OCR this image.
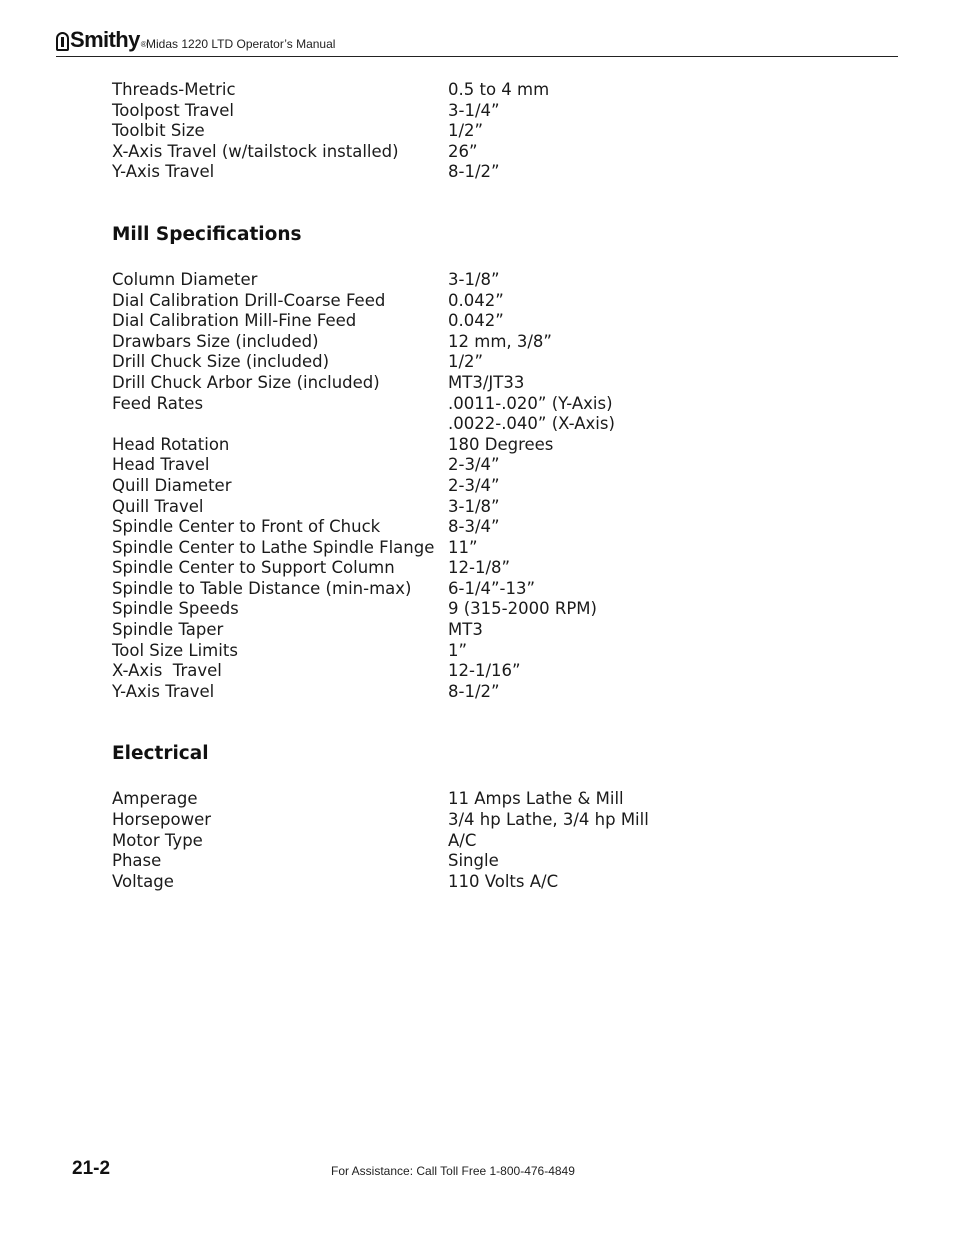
Smithy ® Midas 1220 LTD Operator’s Manual
Threads-Metric	0.5 to 4 mm
Toolpost Travel	3-1/4”
Toolbit Size	1/2”
X-Axis Travel (w/tailstock installed)	26”
Y-Axis Travel	8-1/2”
Mill Specifications
Column Diameter	3-1/8”
Dial Calibration Drill-Coarse Feed	0.042”
Dial Calibration Mill-Fine Feed	0.042”
Drawbars Size (included)	12 mm, 3/8”
Drill Chuck Size (included)	1/2”
Drill Chuck Arbor Size (included)	MT3/JT33
Feed Rates	.0011-.020” (Y-Axis)
.0022-.040” (X-Axis)
Head Rotation	180 Degrees
Head Travel	2-3/4”
Quill Diameter	2-3/4”
Quill Travel	3-1/8”
Spindle Center to Front of Chuck	8-3/4”
Spindle Center to Lathe Spindle Flange 11”
Spindle Center to Support Column	12-1/8”
Spindle to Table Distance (min-max)	6-1/4”-13”
Spindle Speeds	9 (315-2000 RPM)
Spindle Taper	MT3
Tool Size Limits	1”
X-Axis  Travel	12-1/16”
Y-Axis Travel	8-1/2”
Electrical
Amperage	11 Amps Lathe & Mill
Horsepower	3/4 hp Lathe, 3/4 hp Mill
Motor Type	A/C
Phase	Single
Voltage	110 Volts A/C
21-2	For Assistance: Call Toll Free 1-800-476-4849
